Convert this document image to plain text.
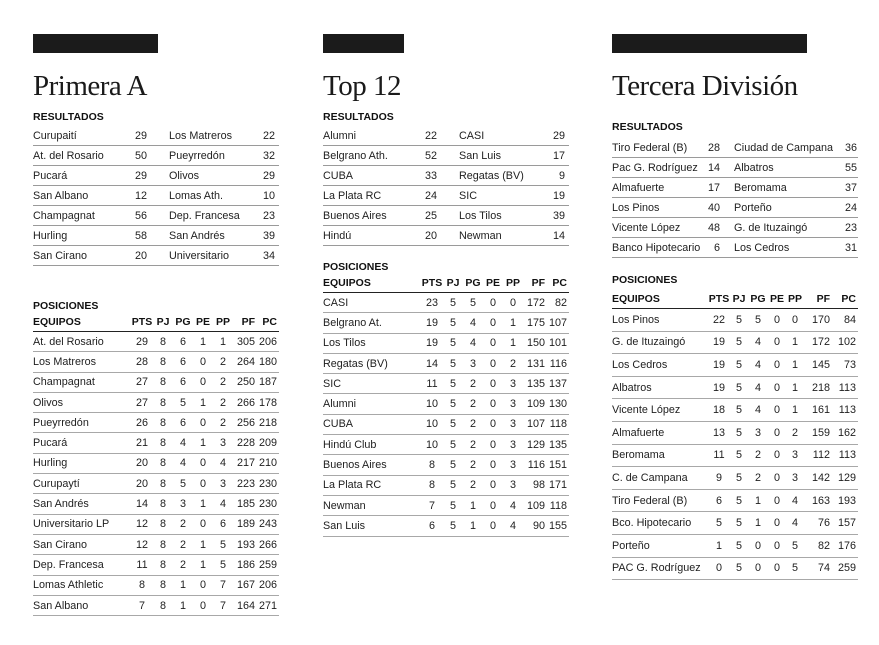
Primera A
RESULTADOS
Curupaití	29		Los Matreros	22
At. del Rosario	50		Pueyrredón	32
Pucará	29		Olivos	29
San Albano	12		Lomas Ath.	10
Champagnat	56		Dep. Francesa	23
Hurling	58		San Andrés	39
San Cirano	20		Universitario	34
POSICIONES
EQUIPOS	PTS	PJ	PG	PE	PP	PF	PC
At. del Rosario	29	8	6	1	1	305	206
Los Matreros	28	8	6	0	2	264	180
Champagnat	27	8	6	0	2	250	187
Olivos	27	8	5	1	2	266	178
Pueyrredón	26	8	6	0	2	256	218
Pucará	21	8	4	1	3	228	209
Hurling	20	8	4	0	4	217	210
Curupaytí	20	8	5	0	3	223	230
San Andrés	14	8	3	1	4	185	230
Universitario LP	12	8	2	0	6	189	243
San Cirano	12	8	2	1	5	193	266
Dep. Francesa	11	8	2	1	5	186	259
Lomas Athletic	8	8	1	0	7	167	206
San Albano	7	8	1	0	7	164	271
Top 12
RESULTADOS
Alumni	22		CASI	29
Belgrano Ath.	52		San Luis	17
CUBA	33		Regatas (BV)	9
La Plata RC	24		SIC	19
Buenos Aires	25		Los Tilos	39
Hindú	20		Newman	14
POSICIONES
EQUIPOS	PTS	PJ	PG	PE	PP	PF	PC
CASI	23	5	5	0	0	172	82
Belgrano At.	19	5	4	0	1	175	107
Los Tilos	19	5	4	0	1	150	101
Regatas (BV)	14	5	3	0	2	131	116
SIC	11	5	2	0	3	135	137
Alumni	10	5	2	0	3	109	130
CUBA	10	5	2	0	3	107	118
Hindú Club	10	5	2	0	3	129	135
Buenos Aires	8	5	2	0	3	116	151
La Plata RC	8	5	2	0	3	98	171
Newman	7	5	1	0	4	109	118
San Luis	6	5	1	0	4	90	155
Tercera División
RESULTADOS
Tiro Federal (B)	28		Ciudad de Campana	36
Pac G. Rodríguez	14		Albatros	55
Almafuerte	17		Beromama	37
Los Pinos	40		Porteño	24
Vicente López	48		G. de Ituzaingó	23
Banco Hipotecario	6		Los Cedros	31
POSICIONES
EQUIPOS	PTS	PJ	PG	PE	PP	PF	PC
Los Pinos	22	5	5	0	0	170	84
G. de Ituzaingó	19	5	4	0	1	172	102
Los Cedros	19	5	4	0	1	145	73
Albatros	19	5	4	0	1	218	113
Vicente López	18	5	4	0	1	161	113
Almafuerte	13	5	3	0	2	159	162
Beromama	11	5	2	0	3	112	113
C. de Campana	9	5	2	0	3	142	129
Tiro Federal (B)	6	5	1	0	4	163	193
Bco. Hipotecario	5	5	1	0	4	76	157
Porteño	1	5	0	0	5	82	176
PAC G. Rodríguez	0	5	0	0	5	74	259
